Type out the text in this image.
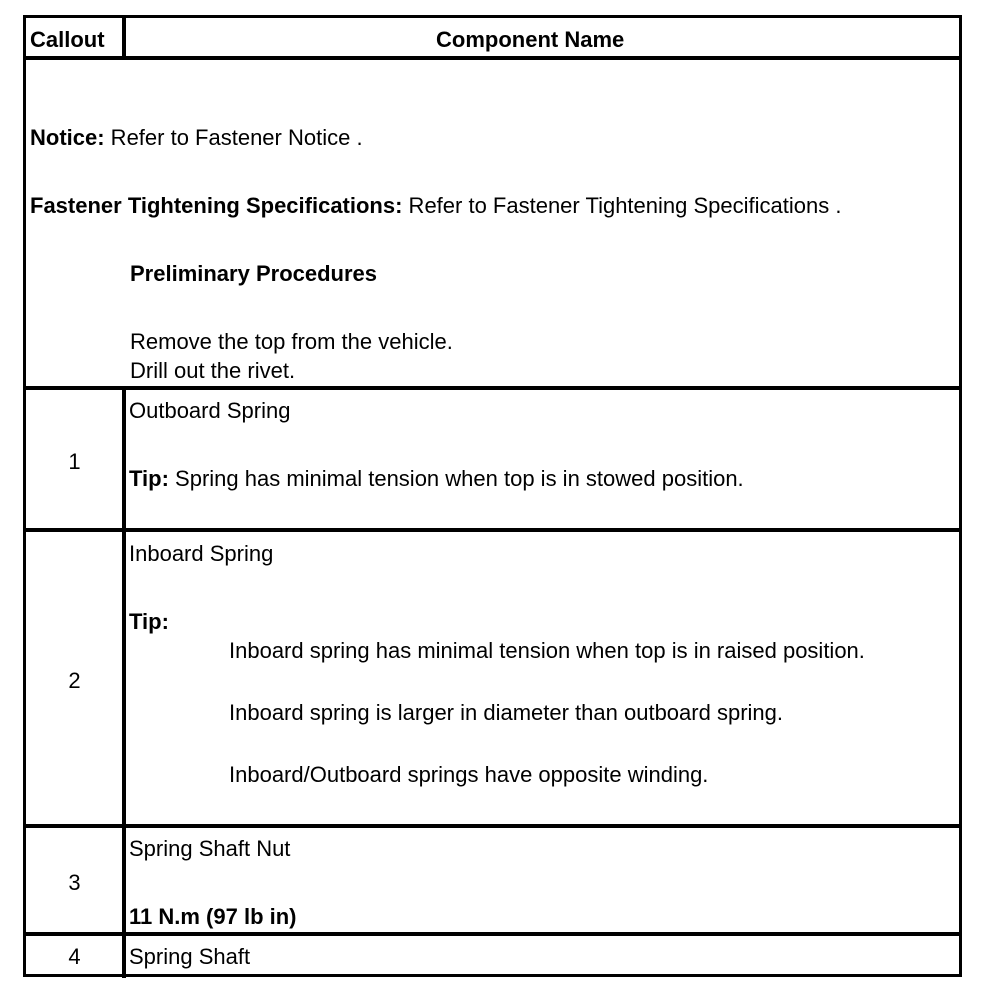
Callout	Component Name
Notice: Refer to Fastener Notice .
Fastener Tightening Specifications: Refer to Fastener Tightening Specifications .
Preliminary Procedures
Remove the top from the vehicle.
Drill out the rivet.
1
Outboard Spring
Tip: Spring has minimal tension when top is in stowed position.
2
Inboard Spring
Tip:
Inboard spring has minimal tension when top is in raised position.
Inboard spring is larger in diameter than outboard spring.
Inboard/Outboard springs have opposite winding.
3
Spring Shaft Nut
11 N.m (97 lb in)
4	Spring Shaft
